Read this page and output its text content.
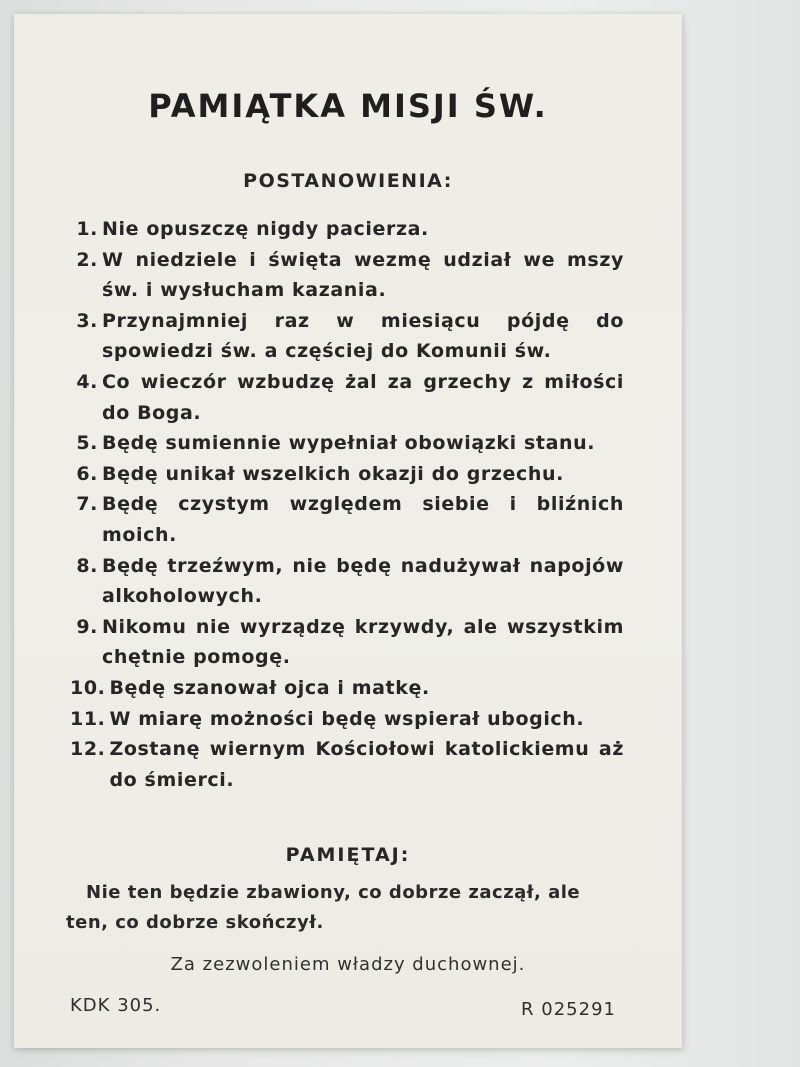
PAMIĄTKA MISJI ŚW.
POSTANOWIENIA:
1. Nie opuszczę nigdy pacierza.
2. W niedziele i święta wezmę udział we mszy św. i wysłucham kazania.
3. Przynajmniej raz w miesiącu pójdę do spowiedzi św. a częściej do Komunii św.
4. Co wieczór wzbudzę żal za grzechy z miłości do Boga.
5. Będę sumiennie wypełniał obowiązki stanu.
6. Będę unikał wszelkich okazji do grzechu.
7. Będę czystym względem siebie i bliźnich moich.
8. Będę trzeźwym, nie będę nadużywał napojów alkoholowych.
9. Nikomu nie wyrządzę krzywdy, ale wszystkim chętnie pomogę.
10. Będę szanował ojca i matkę.
11. W miarę możności będę wspierał ubogich.
12. Zostanę wiernym Kościołowi katolickiemu aż do śmierci.
PAMIĘTAJ:

Nie ten będzie zbawiony, co dobrze zaczął, ale ten, co dobrze skończył.

Za zezwoleniem władzy duchownej.

KDK 305.	R 025291
